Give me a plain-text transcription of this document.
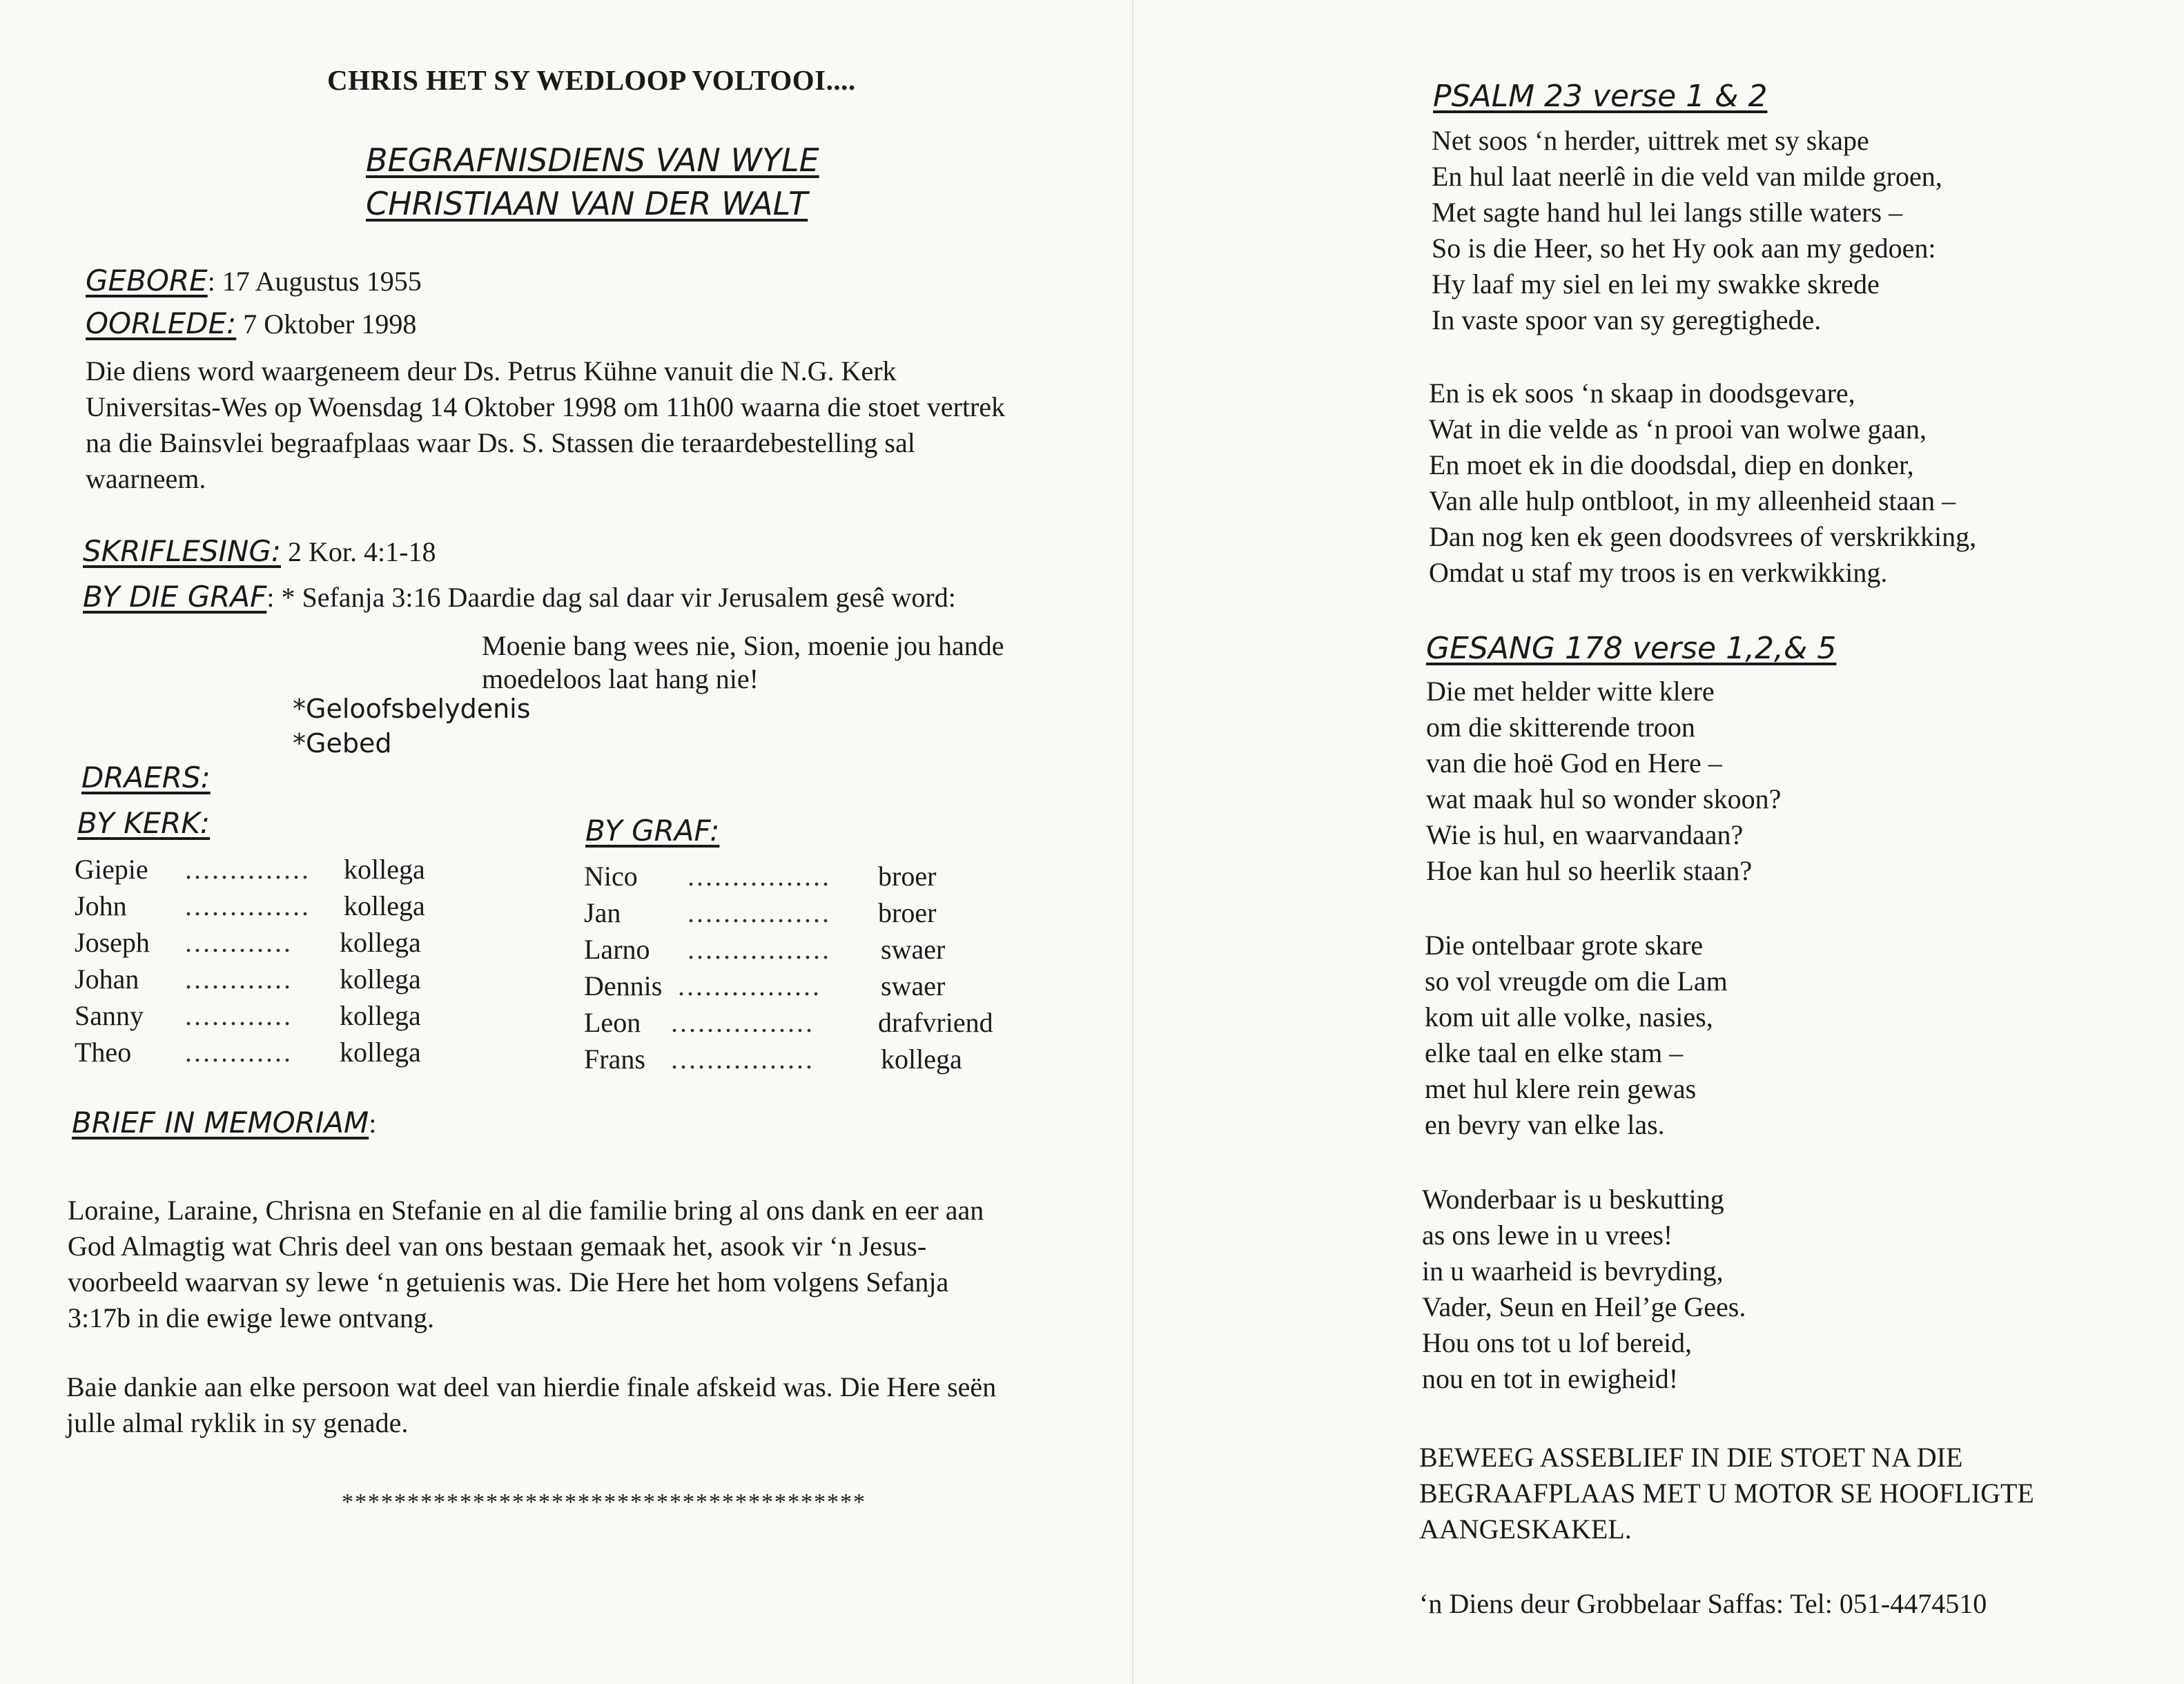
CHRIS HET SY WEDLOOP VOLTOOI....
BEGRAFNISDIENS VAN WYLE
CHRISTIAAN VAN DER WALT
GEBORE: 17 Augustus 1955
OORLEDE: 7 Oktober 1998

Die diens word waargeneem deur Ds. Petrus Kühne vanuit die N.G. Kerk

Universitas-Wes op Woensdag 14 Oktober 1998 om 11h00 waarna die stoet vertrek

na die Bainsvlei begraafplaas waar Ds. S. Stassen die teraardebestelling sal

waarneem.

SKRIFLESING: 2 Kor. 4:1-18
BY DIE GRAF: * Sefanja 3:16 Daardie dag sal daar vir Jerusalem gesê word:
Moenie bang wees nie, Sion, moenie jou hande
moedeloos laat hang nie!
*Geloofsbelydenis
*Gebed
DRAERS:
BY KERK:	BY GRAF:
Giepie .............. kollega
John .............. kollega
Joseph ............ kollega
Johan ............ kollega
Sanny ............ kollega
Theo ............ kollega
Nico ................ broer
Jan ................ broer
Larno ................ swaer
Dennis ................ swaer
Leon ................ drafvriend
Frans ................ kollega
BRIEF IN MEMORIAM:

Loraine, Laraine, Chrisna en Stefanie en al die familie bring al ons dank en eer aan

God Almagtig wat Chris deel van ons bestaan gemaak het, asook vir ‘n Jesus-

voorbeeld waarvan sy lewe ‘n getuienis was. Die Here het hom volgens Sefanja

3:17b in die ewige lewe ontvang.

Baie dankie aan elke persoon wat deel van hierdie finale afskeid was. Die Here seën

julle almal ryklik in sy genade.

****************************************
PSALM 23 verse 1 & 2

Net soos ‘n herder, uittrek met sy skape

En hul laat neerlê in die veld van milde groen,

Met sagte hand hul lei langs stille waters –

So is die Heer, so het Hy ook aan my gedoen:

Hy laaf my siel en lei my swakke skrede

In vaste spoor van sy geregtighede.

En is ek soos ‘n skaap in doodsgevare,

Wat in die velde as ‘n prooi van wolwe gaan,

En moet ek in die doodsdal, diep en donker,

Van alle hulp ontbloot, in my alleenheid staan –

Dan nog ken ek geen doodsvrees of verskrikking,

Omdat u staf my troos is en verkwikking.

GESANG 178 verse 1,2,& 5

Die met helder witte klere

om die skitterende troon

van die hoë God en Here –

wat maak hul so wonder skoon?

Wie is hul, en waarvandaan?

Hoe kan hul so heerlik staan?

Die ontelbaar grote skare

so vol vreugde om die Lam

kom uit alle volke, nasies,

elke taal en elke stam –

met hul klere rein gewas

en bevry van elke las.

Wonderbaar is u beskutting

as ons lewe in u vrees!

in u waarheid is bevryding,

Vader, Seun en Heil’ge Gees.

Hou ons tot u lof bereid,

nou en tot in ewigheid!

BEWEEG ASSEBLIEF IN DIE STOET NA DIE

BEGRAAFPLAAS MET U MOTOR SE HOOFLIGTE

AANGESKAKEL.

‘n Diens deur Grobbelaar Saffas: Tel: 051-4474510
